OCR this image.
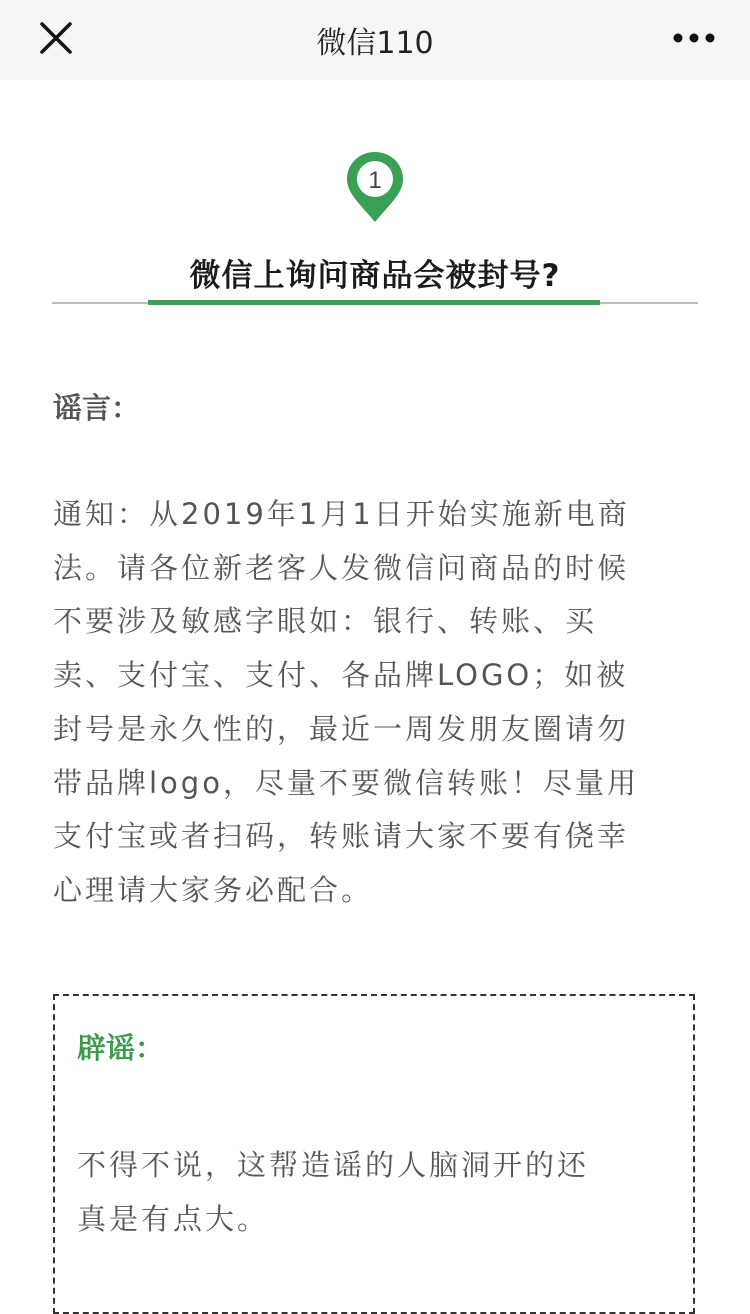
微信110
1
微信上询问商品会被封号?
谣言：
通知：从2019年1月1日开始实施新电商
法。请各位新老客人发微信问商品的时候
不要涉及敏感字眼如：银行、转账、买
卖、支付宝、支付、各品牌LOGO；如被
封号是永久性的，最近一周发朋友圈请勿
带品牌logo，尽量不要微信转账！尽量用
支付宝或者扫码，转账请大家不要有侥幸
心理请大家务必配合。
辟谣：
不得不说，这帮造谣的人脑洞开的还
真是有点大。
